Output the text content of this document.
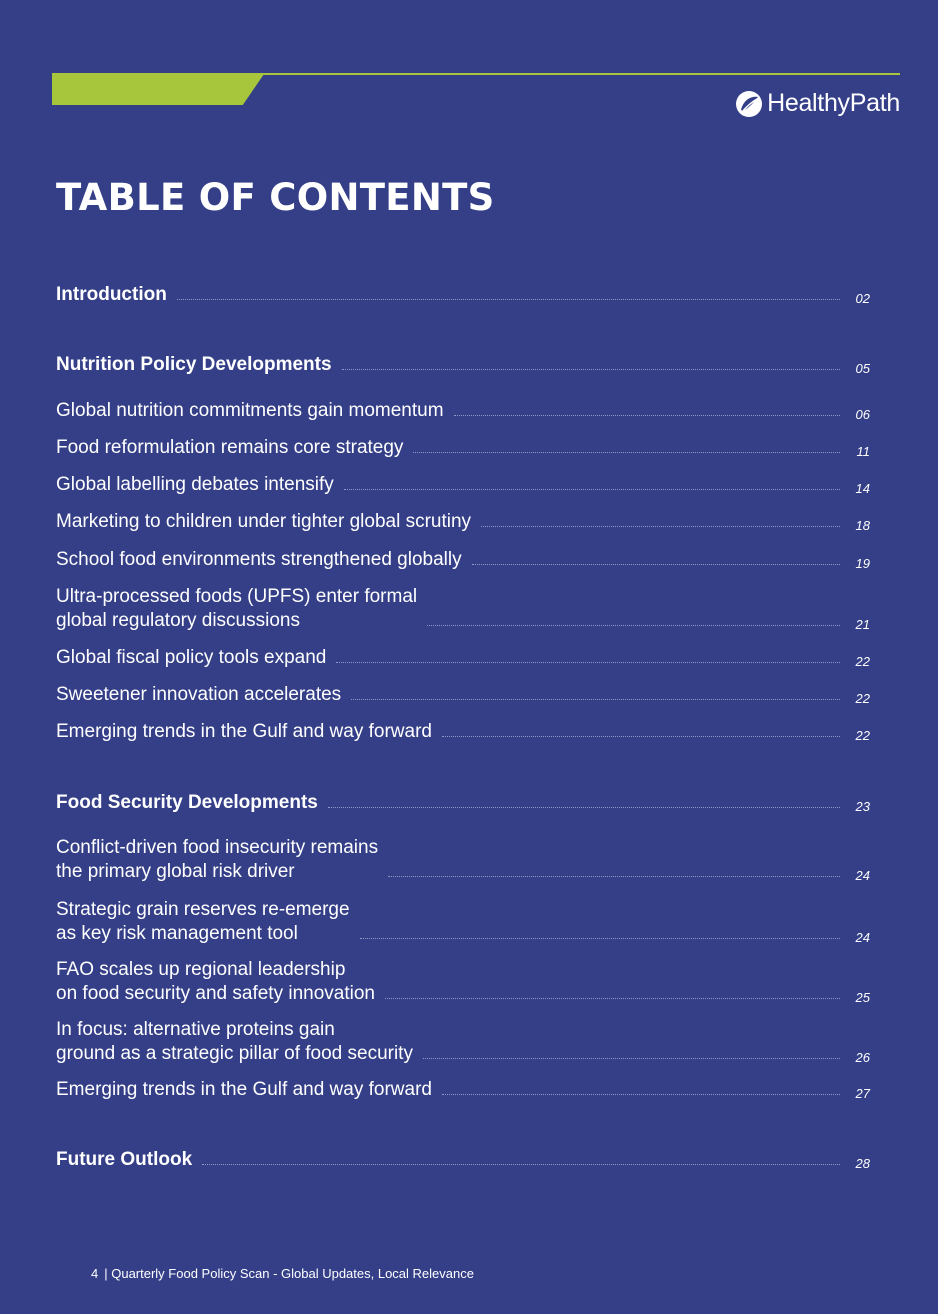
HealthyPath
TABLE OF CONTENTS
Introduction	02
Nutrition Policy Developments	05
Global nutrition commitments gain momentum	06
Food reformulation remains core strategy	11
Global labelling debates intensify	14
Marketing to children under tighter global scrutiny	18
School food environments strengthened globally	19
Ultra-processed foods (UPFS) enter formal
global regulatory discussions	21
Global fiscal policy tools expand	22
Sweetener innovation accelerates	22
Emerging trends in the Gulf and way forward	22
Food Security Developments	23
Conflict-driven food insecurity remains
the primary global risk driver	24
Strategic grain reserves re-emerge
as key risk management tool	24
FAO scales up regional leadership
on food security and safety innovation	25
In focus: alternative proteins gain
ground as a strategic pillar of food security	26
Emerging trends in the Gulf and way forward	27
Future Outlook	28
4 | Quarterly Food Policy Scan - Global Updates, Local Relevance
